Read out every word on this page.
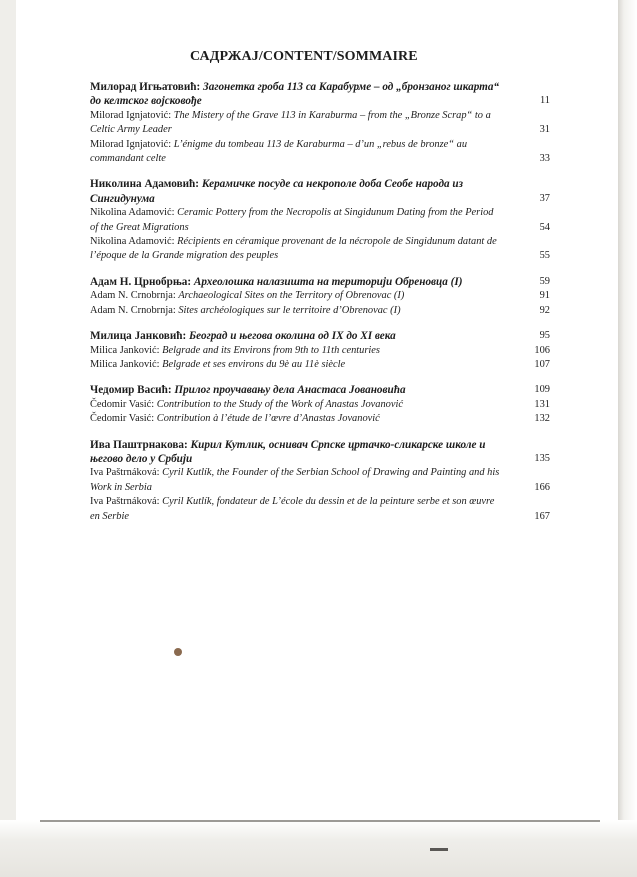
САДРЖАЈ/CONTENT/SOMMAIRE
Милорад Игњатовић: Загонетка гроба 113 са Карабурме – од „бронзаног шкарта“ до келтског војсковође	11
Milorad Ignjatović: The Mistery of the Grave 113 in Karaburma – from the „Bronze Scrap“ to a Celtic Army Leader	31
Milorad Ignjatović: L’énigme du tombeau 113 de Karaburma – d’un „rebus de bronze“ au commandant celte	33
Николина Адамовић: Керамичке посуде са некрополе доба Сеобе народа из Сингидунума	37
Nikolina Adamović: Ceramic Pottery from the Necropolis at Singidunum Dating from the Period of the Great Migrations	54
Nikolina Adamović: Récipients en céramique provenant de la nécropole de Singidunum datant de l’époque de la Grande migration des peuples	55
Адам Н. Црнобрња: Археолошка налазишта на територији Обреновца (I)	59
Adam N. Crnobrnja: Archaeological Sites on the Territory of Obrenovac (I)	91
Adam N. Crnobrnja: Sites archéologiques sur le territoire d’Obrenovac (I)	92
Милица Јанковић: Београд и његова околина од IX до XI века	95
Milica Janković: Belgrade and its Environs from 9th to 11th centuries	106
Milica Janković: Belgrade et ses environs du 9è au 11è siècle	107
Чедомир Васић: Прилог проучавању дела Анастаса Јовановића	109
Čedomir Vasić: Contribution to the Study of the Work of Anastas Jovanović	131
Čedomir Vasić: Contribution à l’étude de l’œvre d’Anastas Jovanović	132
Ива Паштрнакова: Кирил Кутлик, оснивач Српске цртачко-сликарске школе и његово дело у Србији	135
Iva Paštrnáková: Cyril Kutlík, the Founder of the Serbian School of Drawing and Painting and his Work in Serbia	166
Iva Paštrnáková: Cyril Kutlík, fondateur de L’école du dessin et de la peinture serbe et son œuvre en Serbie	167
